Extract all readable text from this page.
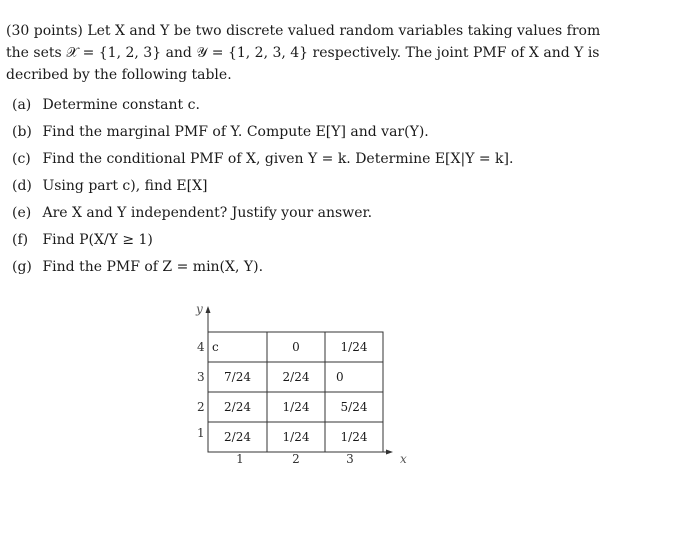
(30 points) Let X and Y be two discrete valued random variables taking values from

the sets 𝒳 = {1, 2, 3} and 𝒴 = {1, 2, 3, 4} respectively. The joint PMF of X and Y is

decribed by the following table.

(a) Determine constant c.
(b) Find the marginal PMF of Y. Compute E[Y] and var(Y).
(c) Find the conditional PMF of X, given Y = k. Determine E[X|Y = k].
(d) Using part c), find E[X]
(e) Are X and Y independent? Justify your answer.
(f) Find P(X/Y ≥ 1)
(g) Find the PMF of Z = min(X, Y).
y
x
4
3
2
1
1	2	3
c	0	1/24
7/24	2/24	0
2/24	1/24	5/24
2/24	1/24	1/24
